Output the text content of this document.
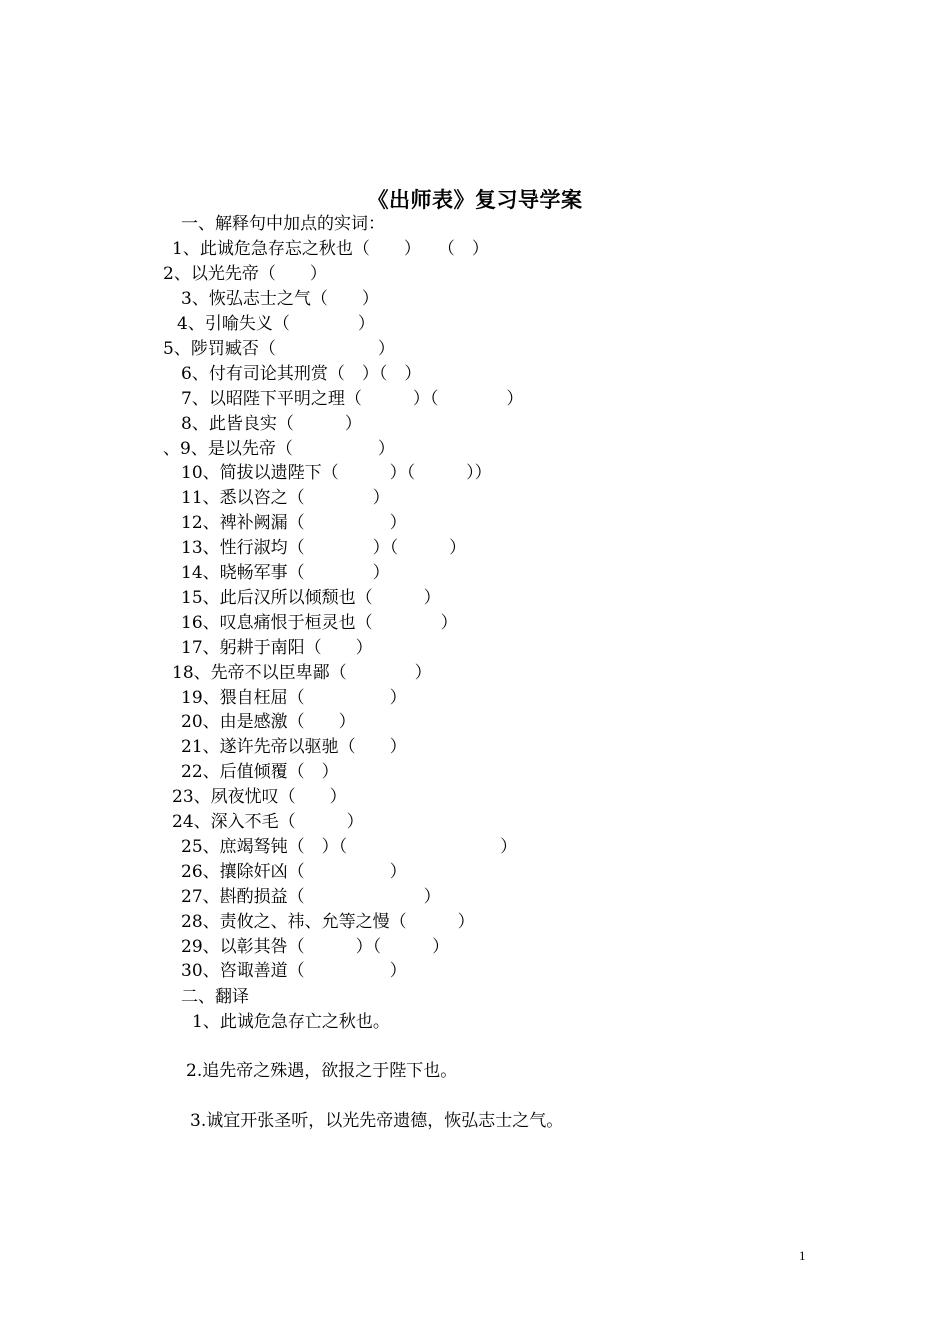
《出师表》复习导学案
一、解释句中加点的实词：
1、此诚危急存忘之秋也（　　）　　（　）
2、以光先帝（　　）
3、恢弘志士之气（　　）
4、引喻失义（　　　　）
5、陟罚臧否（　　　　　　）
6、付有司论其刑赏（　）（　）
7、以昭陛下平明之理（　　　）（　　　　）
8、此皆良实（　　　）
、9、是以先帝（　　　　　）
10、简拔以遗陛下（　　　）（　　　））
11、悉以咨之（　　　　）
12、裨补阙漏（　　　　　）
13、性行淑均（　　　　）（　　　）
14、晓畅军事（　　　　）
15、此后汉所以倾颓也（　　　）
16、叹息痛恨于桓灵也（　　　　）
17、躬耕于南阳（　　）
18、先帝不以臣卑鄙（　　　　）
19、猥自枉屈（　　　　　）
20、由是感激（　　）
21、遂许先帝以驱驰（　　）
22、后值倾覆（　）
23、夙夜忧叹（　　）
24、深入不毛（　　　）
25、庶竭驽钝（　）（　　　　　　　　　）
26、攘除奸凶（　　　　　）
27、斟酌损益（　　　　　　　）
28、责攸之、祎、允等之慢（　　　）
29、以彰其咎（　　　）（　　　）
30、咨诹善道（　　　　　）
二、翻译
1、此诚危急存亡之秋也。
2.追先帝之殊遇，欲报之于陛下也。
3.诚宜开张圣听，以光先帝遗德，恢弘志士之气。
1
